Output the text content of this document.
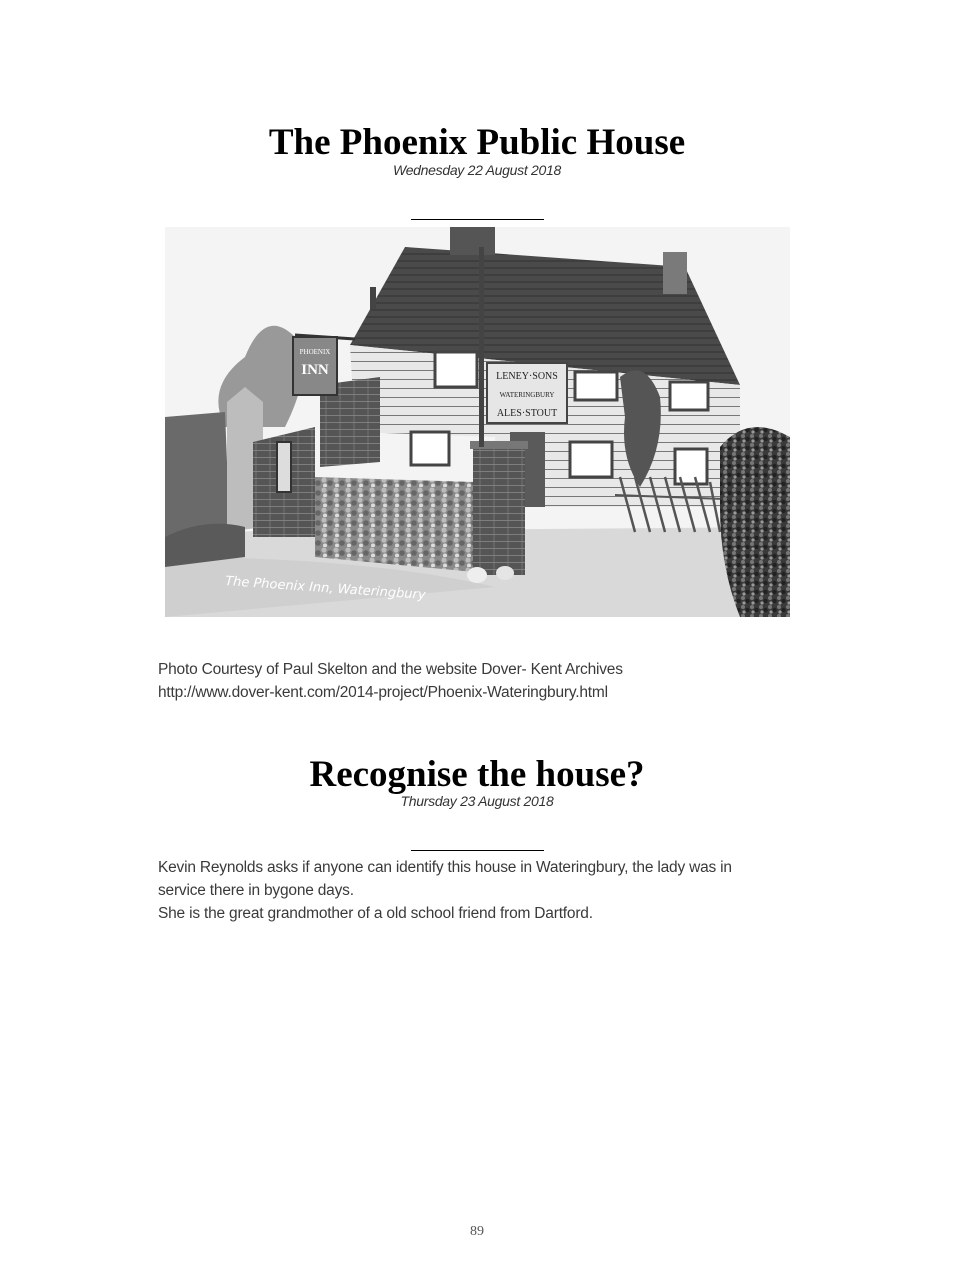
The Phoenix Public House
Wednesday 22 August 2018
LENEY·SONS
WATERINGBURY
ALES·STOUT
PHOENIX
INN
The Phoenix Inn, Wateringbury
Photo Courtesy of Paul Skelton and the website Dover- Kent Archives
http://www.dover-kent.com/2014-project/Phoenix-Wateringbury.html
Recognise the house?
Thursday 23 August 2018
Kevin Reynolds asks if anyone can identify this house in Wateringbury, the lady was in
service there in bygone days.
She is the great grandmother of a old school friend from Dartford.
89
